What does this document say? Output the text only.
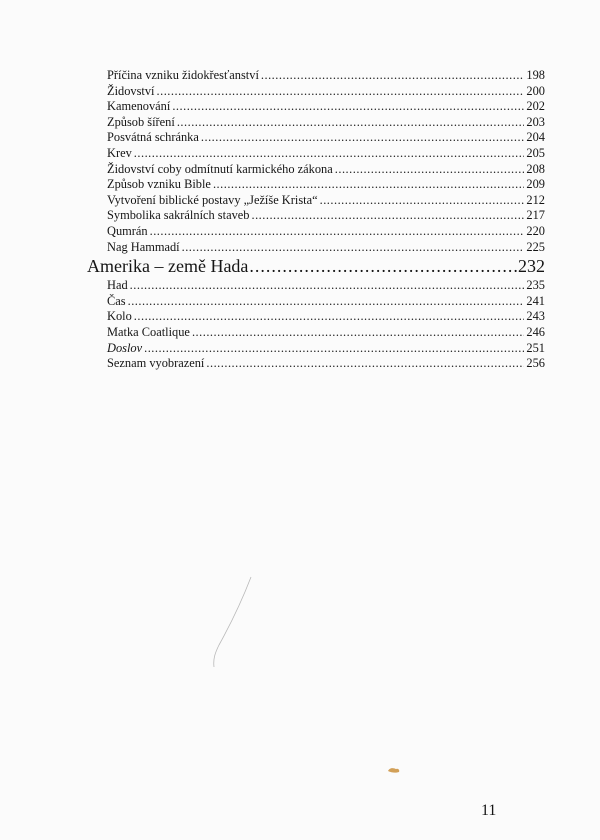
Příčina vzniku židokřesťanství .....	198
Židovství .....	200
Kamenování .....	202
Způsob šíření .....	203
Posvátná schránka .....	204
Krev .....	205
Židovství coby odmítnutí karmického zákona .....	208
Způsob vzniku Bible .....	209
Vytvoření biblické postavy „Ježíše Krista“ .....	212
Symbolika sakrálních staveb .....	217
Qumrán .....	220
Nag Hammadí .....	225
Amerika – země Hada .....	232
Had .....	235
Čas .....	241
Kolo .....	243
Matka Coatlique .....	246
Doslov .....	251
Seznam vyobrazení .....	256
11
